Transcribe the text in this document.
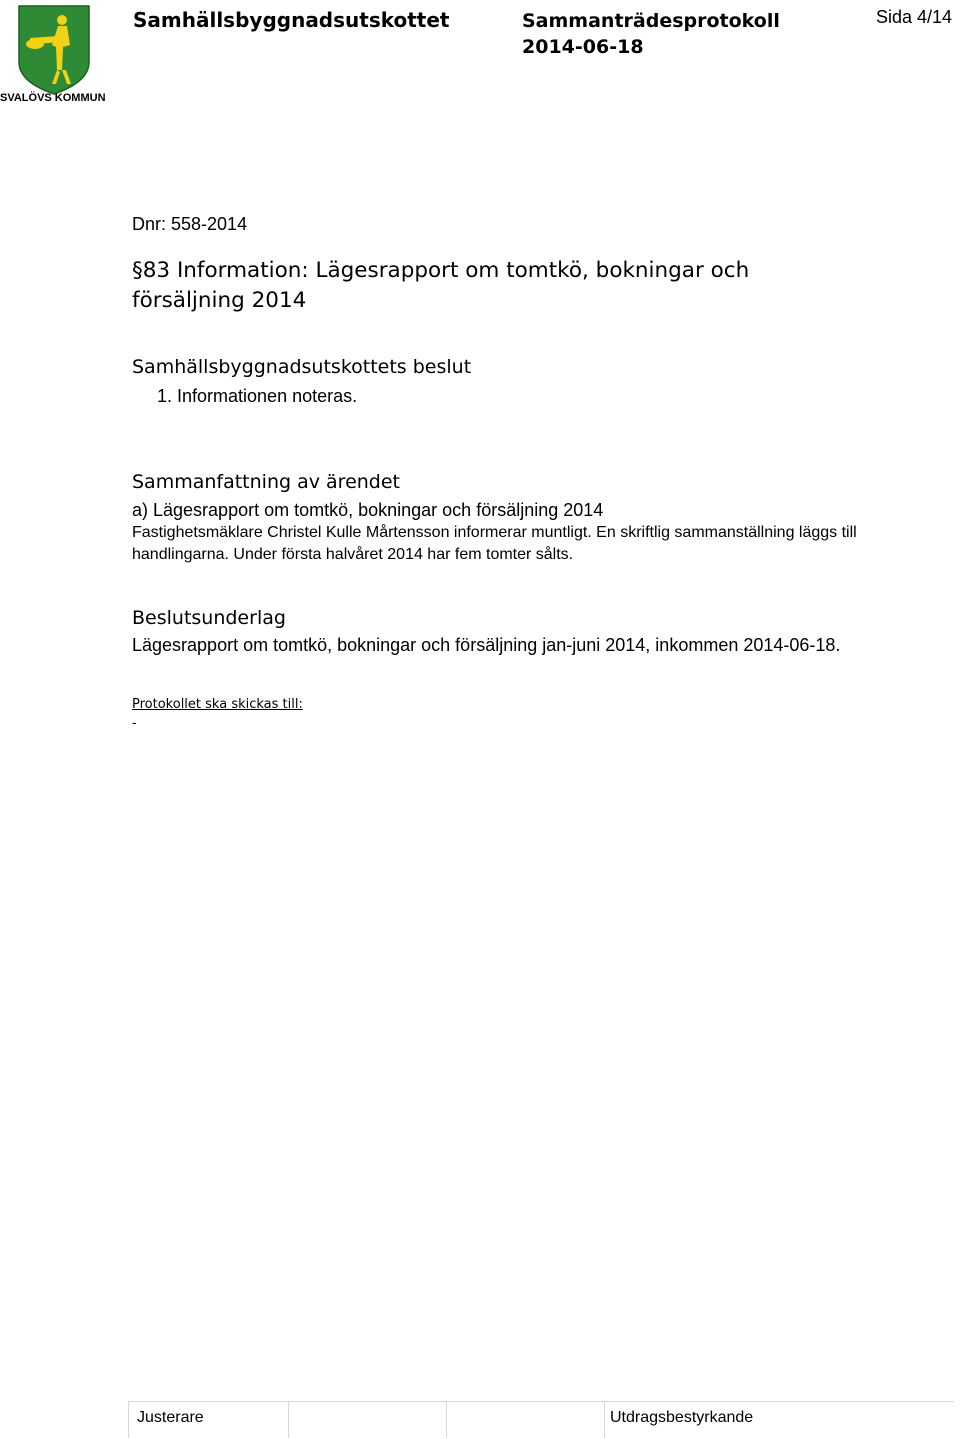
SVALÖVS KOMMUN
Samhällsbyggnadsutskottet	Sammanträdesprotokoll
2014-06-18
Sida 4/14
Dnr: 558-2014
§83 Information: Lägesrapport om tomtkö, bokningar och
försäljning 2014
Samhällsbyggnadsutskottets beslut
1. Informationen noteras.
Sammanfattning av ärendet
a) Lägesrapport om tomtkö, bokningar och försäljning 2014
Fastighetsmäklare Christel Kulle Mårtensson informerar muntligt. En skriftlig sammanställning läggs till handlingarna. Under första halvåret 2014 har fem tomter sålts.
Beslutsunderlag
Lägesrapport om tomtkö, bokningar och försäljning jan-juni 2014, inkommen 2014-06-18.
Protokollet ska skickas till:
-
Justerare	Utdragsbestyrkande
